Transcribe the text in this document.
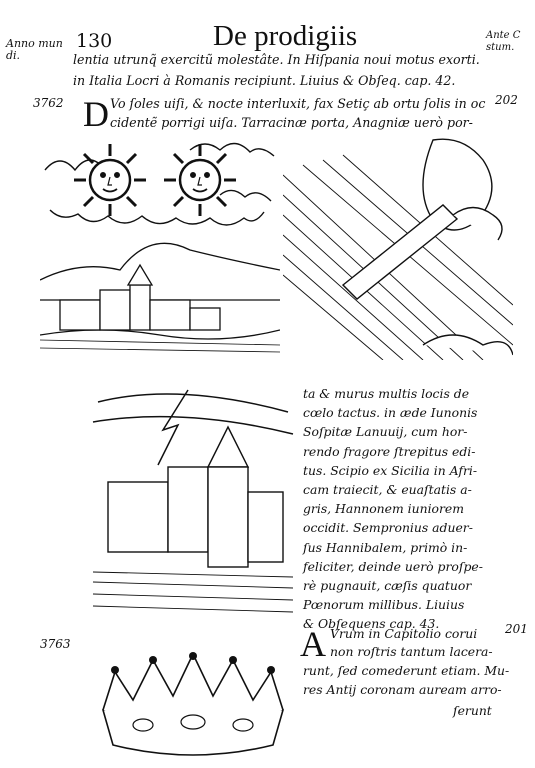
Anno mun
di.
130	De prodigiis	Ante C
stum.
lentia utrunq̃ exercitũ molestâte. In Hiſpania noui motus exorti.
in Italia Locri à Romanis recipiunt. Liuius & Obſeq. cap. 42.
3762	202
D Vo ſoles uiſi, & nocte interluxit, fax Setiç ab ortu ſolis in oc
cidentẽ porrigi uiſa. Tarracinæ porta, Anagniæ uerò por-
ta & murus multis locis de
cœlo tactus. in æde Iunonis
Soſpitæ Lanuuij, cum hor-
rendo fragore ſtrepitus edi-
tus. Scipio ex Sicilia in Afri-
cam traiecit, & euaſtatis a-
gris, Hannonem iuniorem
occidit. Sempronius aduer-
ſus Hannibalem, primò in-
feliciter, deinde uerò proſpe-
rè pugnauit, cæſis quatuor
Pœnorum millibus. Liuius
& Obſequens cap. 43.
3763
201
A Vrum in Capitolio corui
non roſtris tantum lacera-
runt, ſed comederunt etiam. Mu-
res Antij coronam auream arro-
ſerunt
